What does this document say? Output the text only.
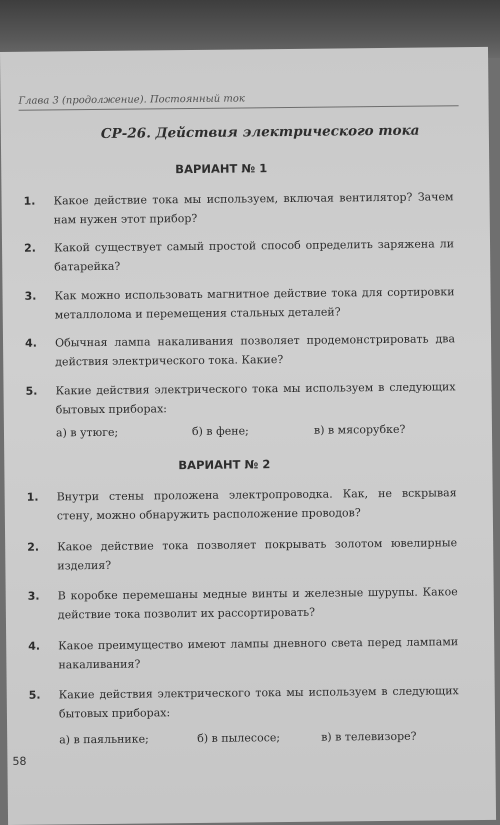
Глава 3 (продолжение). Постоянный ток
СР-26. Действия электрического тока
ВАРИАНТ № 1
1.	Какое действие тока мы используем, включая вентилятор? Зачем нам нужен этот прибор?
2.	Какой существует самый простой способ определить заряжена ли батарейка?
3.	Как можно использовать магнитное действие тока для сортировки металлолома и перемещения стальных деталей?
4.	Обычная лампа накаливания позволяет продемонстрировать два действия электрического тока. Какие?
5.	Какие действия электрического тока мы используем в следующих бытовых приборах:
а) в утюге;	б) в фене;	в) в мясорубке?
ВАРИАНТ № 2
1.	Внутри стены проложена электропроводка. Как, не вскрывая стену, можно обнаружить расположение проводов?
2.	Какое действие тока позволяет покрывать золотом ювелирные изделия?
3.	В коробке перемешаны медные винты и железные шурупы. Какое действие тока позволит их рассортировать?
4.	Какое преимущество имеют лампы дневного света перед лампами накаливания?
5.	Какие действия электрического тока мы используем в следующих бытовых приборах:
а) в паяльнике;	б) в пылесосе;	в) в телевизоре?
58
